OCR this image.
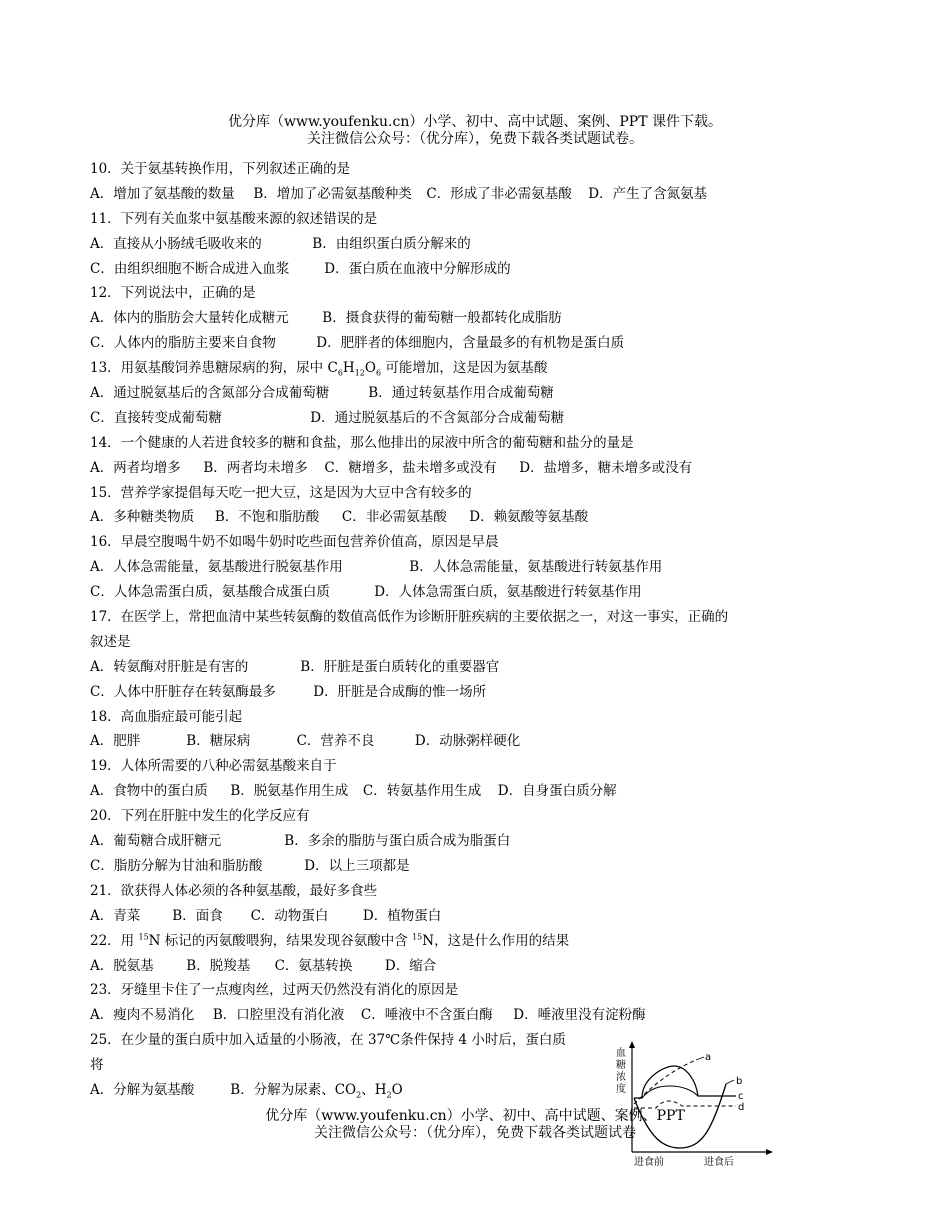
优分库（www.youfenku.cn）小学、初中、高中试题、案例、PPT 课件下载。
关注微信公众号：（优分库），免费下载各类试题试卷。
10．关于氨基转换作用，下列叙述正确的是
A．增加了氨基酸的数量 B．增加了必需氨基酸种类 C．形成了非必需氨基酸 D．产生了含氮氨基
11．下列有关血浆中氨基酸来源的叙述错误的是
A．直接从小肠绒毛吸收来的	B．由组织蛋白质分解来的
C．由组织细胞不断合成进入血浆	D．蛋白质在血液中分解形成的
12．下列说法中，正确的是
A．体内的脂肪会大量转化成糖元 B．摄食获得的葡萄糖一般都转化成脂肪
C．人体内的脂肪主要来自食物	D．肥胖者的体细胞内，含量最多的有机物是蛋白质
13．用氨基酸饲养患糖尿病的狗，尿中 $C_6H_{12}O_6$ 可能增加，这是因为氨基酸
A．通过脱氨基后的含氮部分合成葡萄糖	B．通过转氨基作用合成葡萄糖
C．直接转变成葡萄糖	D．通过脱氨基后的不含氮部分合成葡萄糖
14．一个健康的人若进食较多的糖和食盐，那么他排出的尿液中所含的葡萄糖和盐分的量是
A．两者均增多 B．两者均未增多 C．糖增多，盐未增多或没有 D．盐增多，糖未增多或没有
15．营养学家提倡每天吃一把大豆，这是因为大豆中含有较多的
A．多种糖类物质 B．不饱和脂肪酸 C．非必需氨基酸 D．赖氨酸等氨基酸
16．早晨空腹喝牛奶不如喝牛奶时吃些面包营养价值高，原因是早晨
A．人体急需能量，氨基酸进行脱氨基作用	B．人体急需能量，氨基酸进行转氨基作用
C．人体急需蛋白质，氨基酸合成蛋白质	D．人体急需蛋白质，氨基酸进行转氨基作用
17．在医学上，常把血清中某些转氨酶的数值高低作为诊断肝脏疾病的主要依据之一，对这一事实，正确的
叙述是
A．转氨酶对肝脏是有害的	B．肝脏是蛋白质转化的重要器官
C．人体中肝脏存在转氨酶最多	D．肝脏是合成酶的惟一场所
18．高血脂症最可能引起
A．肥胖	B．糖尿病	C．营养不良	D．动脉粥样硬化
19．人体所需要的八种必需氨基酸来自于
A．食物中的蛋白质 B．脱氨基作用生成 C．转氨基作用生成 D．自身蛋白质分解
20．下列在肝脏中发生的化学反应有
A．葡萄糖合成肝糖元	B．多余的脂肪与蛋白质合成为脂蛋白
C．脂肪分解为甘油和脂肪酸	D．以上三项都是
21．欲获得人体必须的各种氨基酸，最好多食些
A．青菜 B．面食 C．动物蛋白	D．植物蛋白
22．用 $^{15}$N 标记的丙氨酸喂狗，结果发现谷氨酸中含 $^{15}$N，这是什么作用的结果
A．脱氨基 B．脱羧基 C．氨基转换 D．缩合
23．牙缝里卡住了一点瘦肉丝，过两天仍然没有消化的原因是
A．瘦肉不易消化 B．口腔里没有消化液 C．唾液中不含蛋白酶 D．唾液里没有淀粉酶
25．在少量的蛋白质中加入适量的小肠液，在 37℃条件保持 4 小时后，蛋白质
将
A．分解为氨基酸	B．分解为尿素、$CO_2$、$H_2O$
优分库（www.youfenku.cn）小学、初中、高中试题、案例、PPT
关注微信公众号：（优分库），免费下载各类试题试卷
血
糖
浓
度
a
b
c
d
进食前	进食后
